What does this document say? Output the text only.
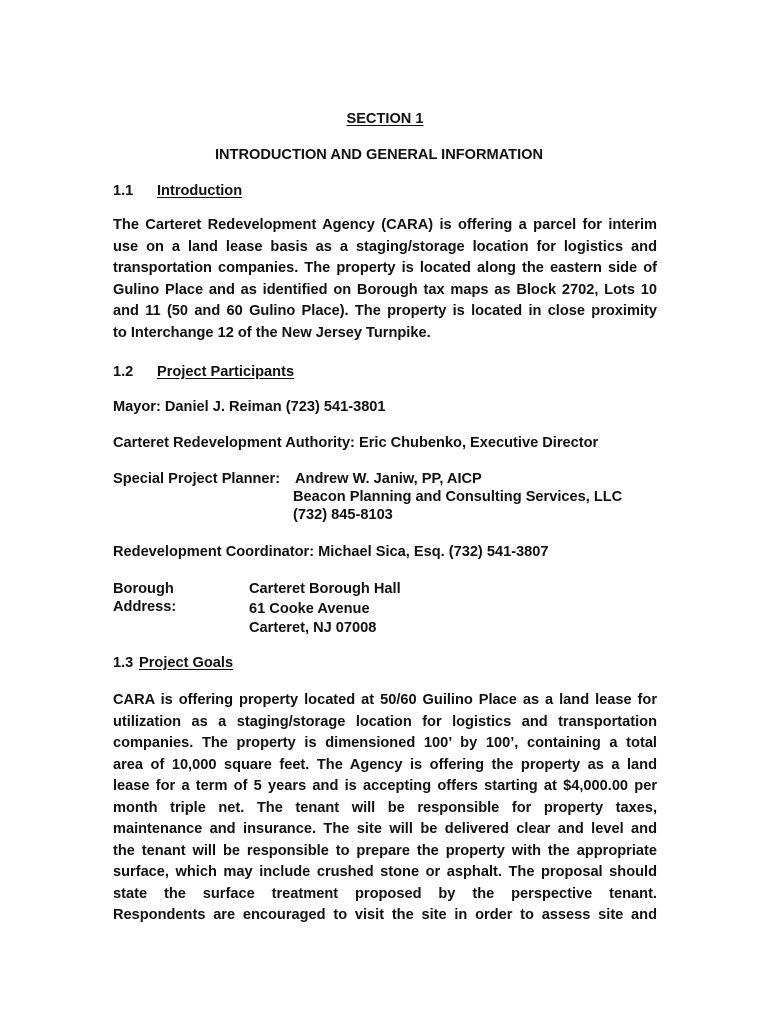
SECTION 1
INTRODUCTION AND GENERAL INFORMATION
1.1 Introduction
The Carteret Redevelopment Agency (CARA) is offering a parcel for interim
use on a land lease basis as a staging/storage location for logistics and
transportation companies. The property is located along the eastern side of
Gulino Place and as identified on Borough tax maps as Block 2702, Lots 10
and 11 (50 and 60 Gulino Place). The property is located in close proximity
to Interchange 12 of the New Jersey Turnpike.
1.2 Project Participants
Mayor: Daniel J. Reiman (723) 541-3801
Carteret Redevelopment Authority: Eric Chubenko, Executive Director
Special Project Planner: Andrew W. Janiw, PP, AICP
Beacon Planning and Consulting Services, LLC
(732) 845-8103
Redevelopment Coordinator: Michael Sica, Esq. (732) 541-3807
Borough
Address:
Carteret Borough Hall
61 Cooke Avenue
Carteret, NJ 07008
1.3 Project Goals
CARA is offering property located at 50/60 Guilino Place as a land lease for
utilization as a staging/storage location for logistics and transportation
companies. The property is dimensioned 100’ by 100’, containing a total
area of 10,000 square feet. The Agency is offering the property as a land
lease for a term of 5 years and is accepting offers starting at $4,000.00 per
month triple net. The tenant will be responsible for property taxes,
maintenance and insurance. The site will be delivered clear and level and
the tenant will be responsible to prepare the property with the appropriate
surface, which may include crushed stone or asphalt. The proposal should
state the surface treatment proposed by the perspective tenant.
Respondents are encouraged to visit the site in order to assess site and
